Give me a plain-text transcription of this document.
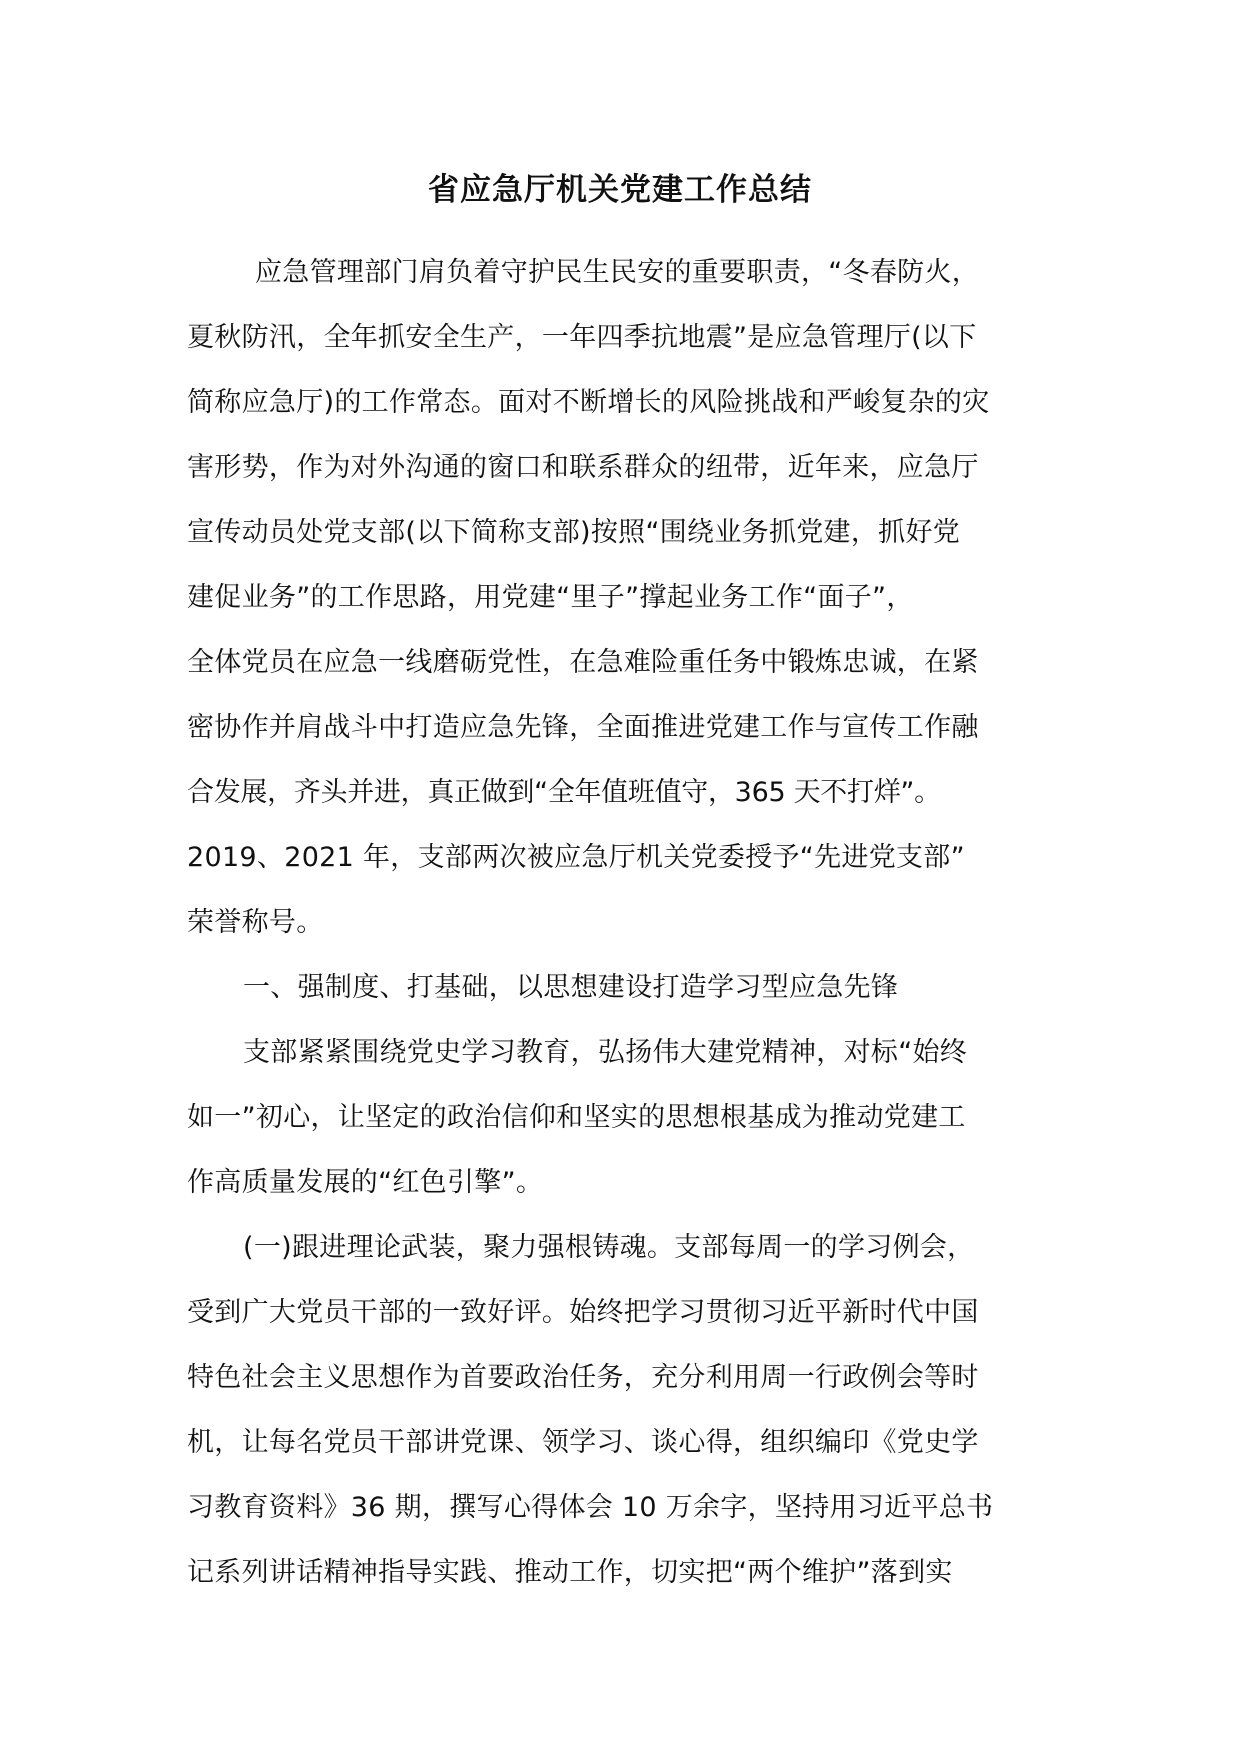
省应急厅机关党建工作总结
应急管理部门肩负着守护民生民安的重要职责，“冬春防火，
夏秋防汛，全年抓安全生产，一年四季抗地震”是应急管理厅(以下
简称应急厅)的工作常态。面对不断增长的风险挑战和严峻复杂的灾
害形势，作为对外沟通的窗口和联系群众的纽带，近年来，应急厅
宣传动员处党支部(以下简称支部)按照“围绕业务抓党建，抓好党
建促业务”的工作思路，用党建“里子”撑起业务工作“面子”，
全体党员在应急一线磨砺党性，在急难险重任务中锻炼忠诚，在紧
密协作并肩战斗中打造应急先锋，全面推进党建工作与宣传工作融
合发展，齐头并进，真正做到“全年值班值守，365 天不打烊”。
2019、2021 年，支部两次被应急厅机关党委授予“先进党支部”
荣誉称号。
一、强制度、打基础，以思想建设打造学习型应急先锋
支部紧紧围绕党史学习教育，弘扬伟大建党精神，对标“始终
如一”初心，让坚定的政治信仰和坚实的思想根基成为推动党建工
作高质量发展的“红色引擎”。
(一)跟进理论武装，聚力强根铸魂。支部每周一的学习例会，
受到广大党员干部的一致好评。始终把学习贯彻习近平新时代中国
特色社会主义思想作为首要政治任务，充分利用周一行政例会等时
机，让每名党员干部讲党课、领学习、谈心得，组织编印《党史学
习教育资料》36 期，撰写心得体会 10 万余字，坚持用习近平总书
记系列讲话精神指导实践、推动工作，切实把“两个维护”落到实
